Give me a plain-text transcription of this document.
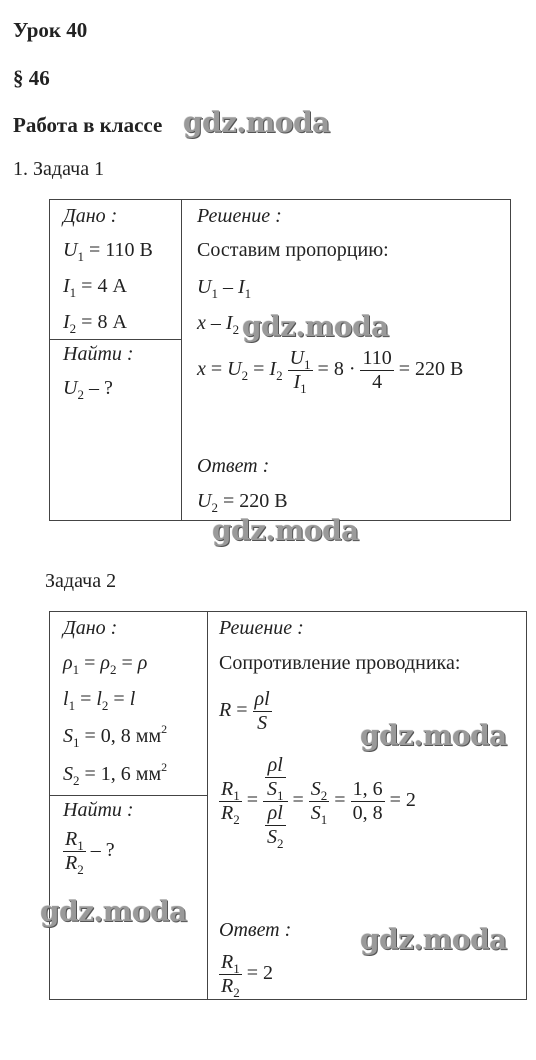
Урок 40
§ 46
Работа в классе
1. Задача 1
Дано :
$U_1 = 110$ В
$I_1 = 4$ А
$I_2 = 8$ А
Найти :
$U_2$ – ?
Решение :
Составим пропорцию:
$U_1 - I_1$
x – $I_2$
$x = U_2 = I_2 \frac{U_1}{I_1} = 8 \cdot \frac{110}{4} = 220$ В
Ответ :
$U_2 = 220$ В
Задача 2
Дано :
$\rho_1 = \rho_2 = \rho$
$l_1 = l_2 = l$
$S_1 = 0$, 8 $мм^2$
$S_2 = 1$, 6 $мм^2$
Найти :
$\frac{R_1}{R_2}$ – ?
Решение :
Сопротивление проводника:
$R = \frac{\rho l}{S}$
$\frac{R_1}{R_2} = \frac{\frac{\rho l}{S_1}}{\frac{\rho l}{S_2}} = \frac{S_2}{S_1} = \frac{1, 6}{0, 8} = 2$
Ответ :
$\frac{R_1}{R_2} = 2$
gdz.moda
gdz.moda
gdz.moda
gdz.moda
gdz.moda
gdz.moda
